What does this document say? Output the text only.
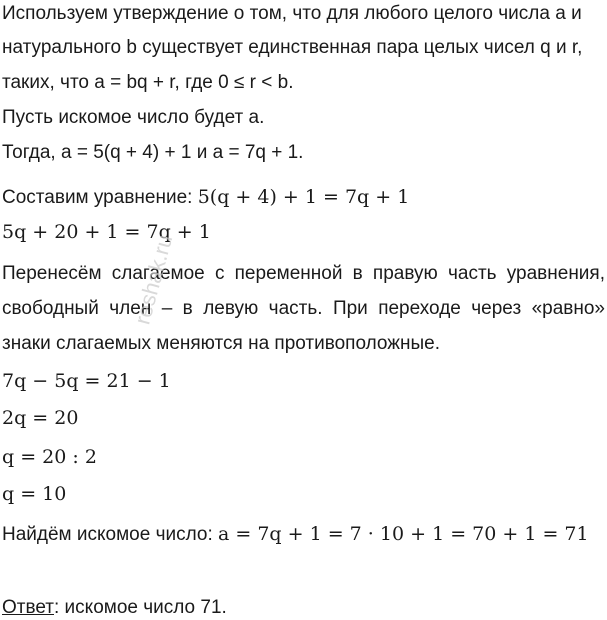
Используем утверждение о том, что для любого целого числа a и
натурального b существует единственная пара целых чисел q и r,
таких, что a = bq + r, где 0 ≤ r < b.
Пусть искомое число будет a.
Тогда, a = 5(q + 4) + 1 и a = 7q + 1.
Составим уравнение: 5(q + 4) + 1 = 7q + 1
5q + 20 + 1 = 7q + 1
Перенесём слагаемое с переменной в правую часть уравнения,
свободный член – в левую часть. При переходе через «равно»
знаки слагаемых меняются на противоположные.
7q − 5q = 21 − 1
2q = 20
q = 20 : 2
q = 10
Найдём искомое число: a = 7q + 1 = 7 · 10 + 1 = 70 + 1 = 71
Ответ: искомое число 71.
reshak.ru
